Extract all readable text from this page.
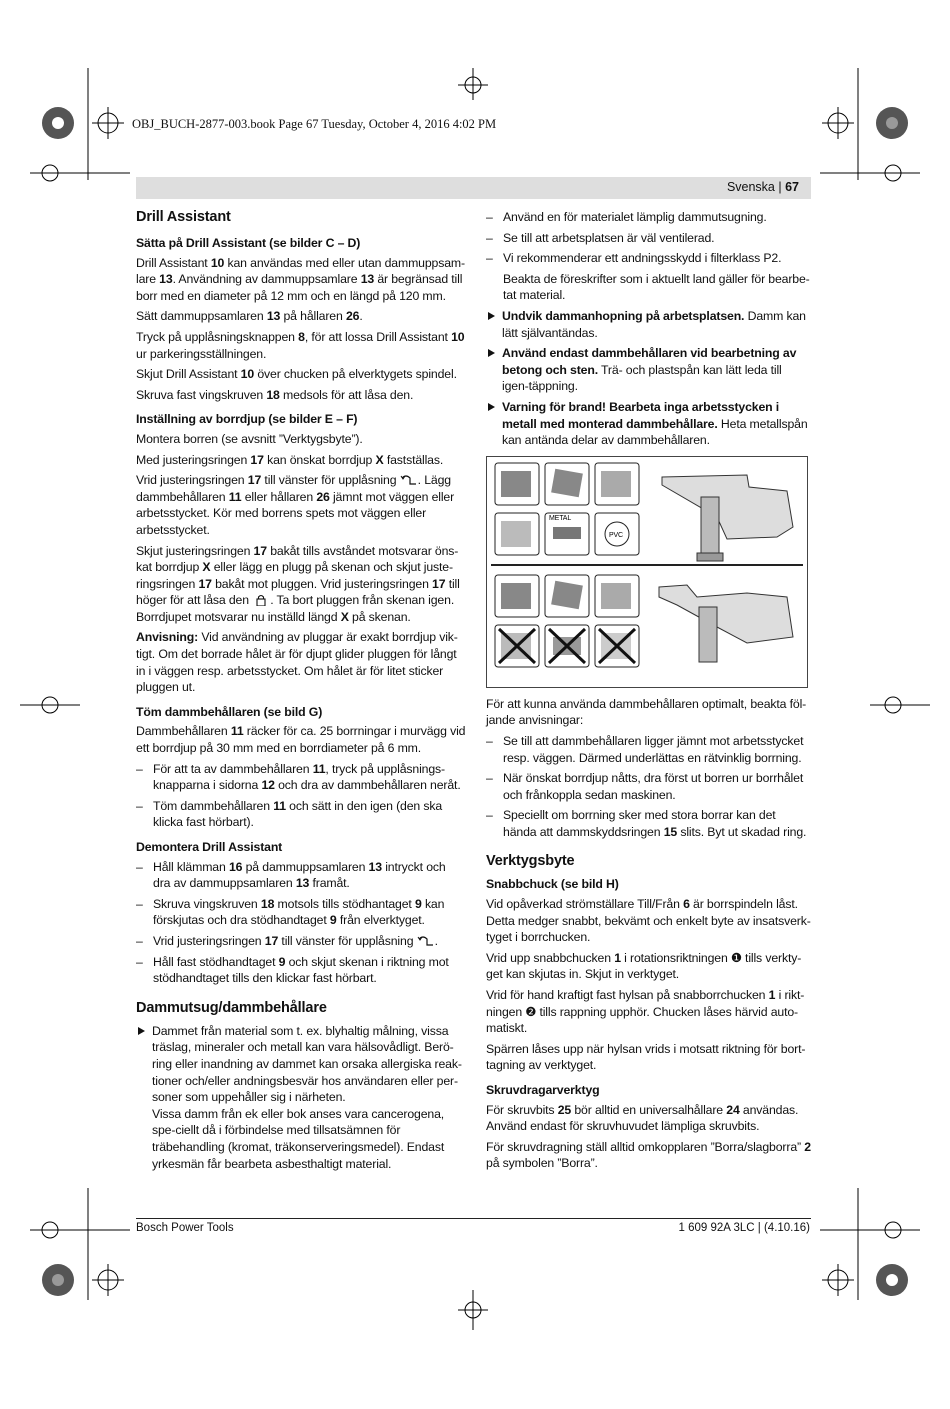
OBJ_BUCH-2877-003.book Page 67 Tuesday, October 4, 2016 4:02 PM
Svenska | 67
Drill Assistant
Sätta på Drill Assistant (se bilder C – D)

Drill Assistant 10 kan användas med eller utan dammuppsam-lare 13. Användning av dammuppsamlare 13 är begränsad till borr med en diameter på 12 mm och en längd på 120 mm.

Sätt dammuppsamlaren 13 på hållaren 26.

Tryck på upplåsningsknappen 8, för att lossa Drill Assistant 10 ur parkeringsställningen.

Skjut Drill Assistant 10 över chucken på elverktygets spindel.

Skruva fast vingskruven 18 medsols för att låsa den.

Inställning av borrdjup (se bilder E – F)

Montera borren (se avsnitt ”Verktygsbyte”).

Med justeringsringen 17 kan önskat borrdjup X fastställas.

Vrid justeringsringen 17 till vänster för upplåsning . Lägg dammbehållaren 11 eller hållaren 26 jämnt mot väggen eller arbetsstycket. Kör med borrens spets mot väggen eller arbetsstycket.

Skjut justeringsringen 17 bakåt tills avståndet motsvarar öns-kat borrdjup X eller lägg en plugg på skenan och skjut juste-ringsringen 17 bakåt mot pluggen. Vrid justeringsringen 17 till höger för att låsa den . Ta bort pluggen från skenan igen. Borrdjupet motsvarar nu inställd längd X på skenan.

Anvisning: Vid användning av pluggar är exakt borrdjup vik-tigt. Om det borrade hålet är för djupt glider pluggen för långt in i väggen resp. arbetsstycket. Om hålet är för litet sticker pluggen ut.

Töm dammbehållaren (se bild G)

Dammbehållaren 11 räcker för ca. 25 borrningar i murvägg vid ett borrdjup på 30 mm med en borrdiameter på 6 mm.

– För att ta av dammbehållaren 11, tryck på upplåsnings-knapparna i sidorna 12 och dra av dammbehållaren neråt.

– Töm dammbehållaren 11 och sätt in den igen (den ska klicka fast hörbart).

Demontera Drill Assistant

– Håll klämman 16 på dammuppsamlaren 13 intryckt och dra av dammuppsamlaren 13 framåt.

– Skruva vingskruven 18 motsols tills stödhantaget 9 kan förskjutas och dra stödhandtaget 9 från elverktyget.

– Vrid justeringsringen 17 till vänster för upplåsning .

– Håll fast stödhandtaget 9 och skjut skenan i riktning mot stödhandtaget tills den klickar fast hörbart.

Dammutsug/dammbehållare

Dammet från material som t. ex. blyhaltig målning, vissa träslag, mineraler och metall kan vara hälsovådligt. Berö-ring eller inandning av dammet kan orsaka allergiska reak-tioner och/eller andningsbesvär hos användaren eller per-soner som uppehåller sig i närheten.

Vissa damm från ek eller bok anses vara cancerogena, spe-ciellt då i förbindelse med tillsatsämnen för träbehandling (kromat, träkonserveringsmedel). Endast yrkesmän får bearbeta asbesthaltigt material.

– Använd en för materialet lämplig dammutsugning.

– Se till att arbetsplatsen är väl ventilerad.

– Vi rekommenderar ett andningsskydd i filterklass P2.

Beakta de föreskrifter som i aktuellt land gäller för bearbe-tat material.

Undvik dammanhopning på arbetsplatsen. Damm kan lätt självantändas.

Använd endast dammbehållaren vid bearbetning av betong och sten. Trä- och plastspån kan lätt leda till igen-täppning.

Varning för brand! Bearbeta inga arbetsstycken i metall med monterad dammbehållare. Heta metallspån kan antända delar av dammbehållaren.

METAL
PVC

För att kunna använda dammbehållaren optimalt, beakta föl-jande anvisningar:

– Se till att dammbehållaren ligger jämnt mot arbetsstycket resp. väggen. Därmed underlättas en rätvinklig borrning.

– När önskat borrdjup nåtts, dra först ut borren ur borrhålet och frånkoppla sedan maskinen.

– Speciellt om borrning sker med stora borrar kan det hända att dammskyddsringen 15 slits. Byt ut skadad ring.

Verktygsbyte
Snabbchuck (se bild H)

Vid opåverkad strömställare Till/Från 6 är borrspindeln låst. Detta medger snabbt, bekvämt och enkelt byte av insatsverk-tyget i borrchucken.

Vrid upp snabbchucken 1 i rotationsriktningen ❶ tills verkty-get kan skjutas in. Skjut in verktyget.

Vrid för hand kraftigt fast hylsan på snabborrchucken 1 i rikt-ningen ❷ tills rappning upphör. Chucken låses härvid auto-matiskt.

Spärren låses upp när hylsan vrids i motsatt riktning för bort-tagning av verktyget.

Skruvdragarverktyg

För skruvbits 25 bör alltid en universalhållare 24 användas. Använd endast för skruvhuvudet lämpliga skruvbits.

För skruvdragning ställ alltid omkopplaren ”Borra/slagborra” 2 på symbolen ”Borra”.

Bosch Power Tools	1 609 92A 3LC | (4.10.16)
